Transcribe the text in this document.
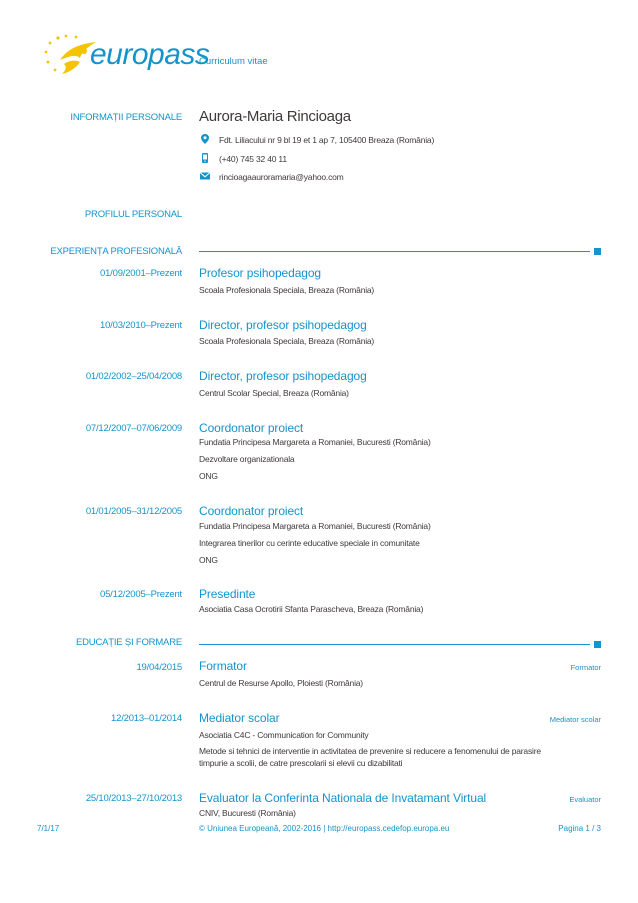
europass
Curriculum vitae
INFORMAȚII PERSONALE Aurora-Maria Rincioaga
Fdt. Liliacului nr 9 bl 19 et 1 ap 7, 105400 Breaza (România)
(+40) 745 32 40 11
rincioagaauroramaria@yahoo.com
PROFILUL PERSONAL
EXPERIENȚA PROFESIONALĂ
01/09/2001–Prezent Profesor psihopedagog
Scoala Profesionala Speciala, Breaza (România)
10/03/2010–Prezent Director, profesor psihopedagog
Scoala Profesionala Speciala, Breaza (România)
01/02/2002–25/04/2008 Director, profesor psihopedagog
Centrul Scolar Special, Breaza (România)
07/12/2007–07/06/2009 Coordonator proiect
Fundatia Principesa Margareta a Romaniei, Bucuresti (România)
Dezvoltare organizationala
ONG
01/01/2005–31/12/2005 Coordonator proiect
Fundatia Principesa Margareta a Romaniei, Bucuresti (România)
Integrarea tinerilor cu cerinte educative speciale in comunitate
ONG
05/12/2005–Prezent Presedinte
Asociatia Casa Ocrotirii Sfanta Parascheva, Breaza (România)
EDUCAȚIE ȘI FORMARE
19/04/2015 Formator	Formator
Centrul de Resurse Apollo, Ploiesti (România)
12/2013–01/2014 Mediator scolar	Mediator scolar
Asociatia C4C - Communication for Community
Metode si tehnici de interventie in activitatea de prevenire si reducere a fenomenului de parasire
timpurie a scolii, de catre prescolarii si elevii cu dizabilitati
25/10/2013–27/10/2013 Evaluator la Conferinta Nationala de Invatamant Virtual	Evaluator
CNIV, Bucuresti (România)
7/1/17	© Uniunea Europeană, 2002-2016 | http://europass.cedefop.europa.eu	Pagina 1 / 3
